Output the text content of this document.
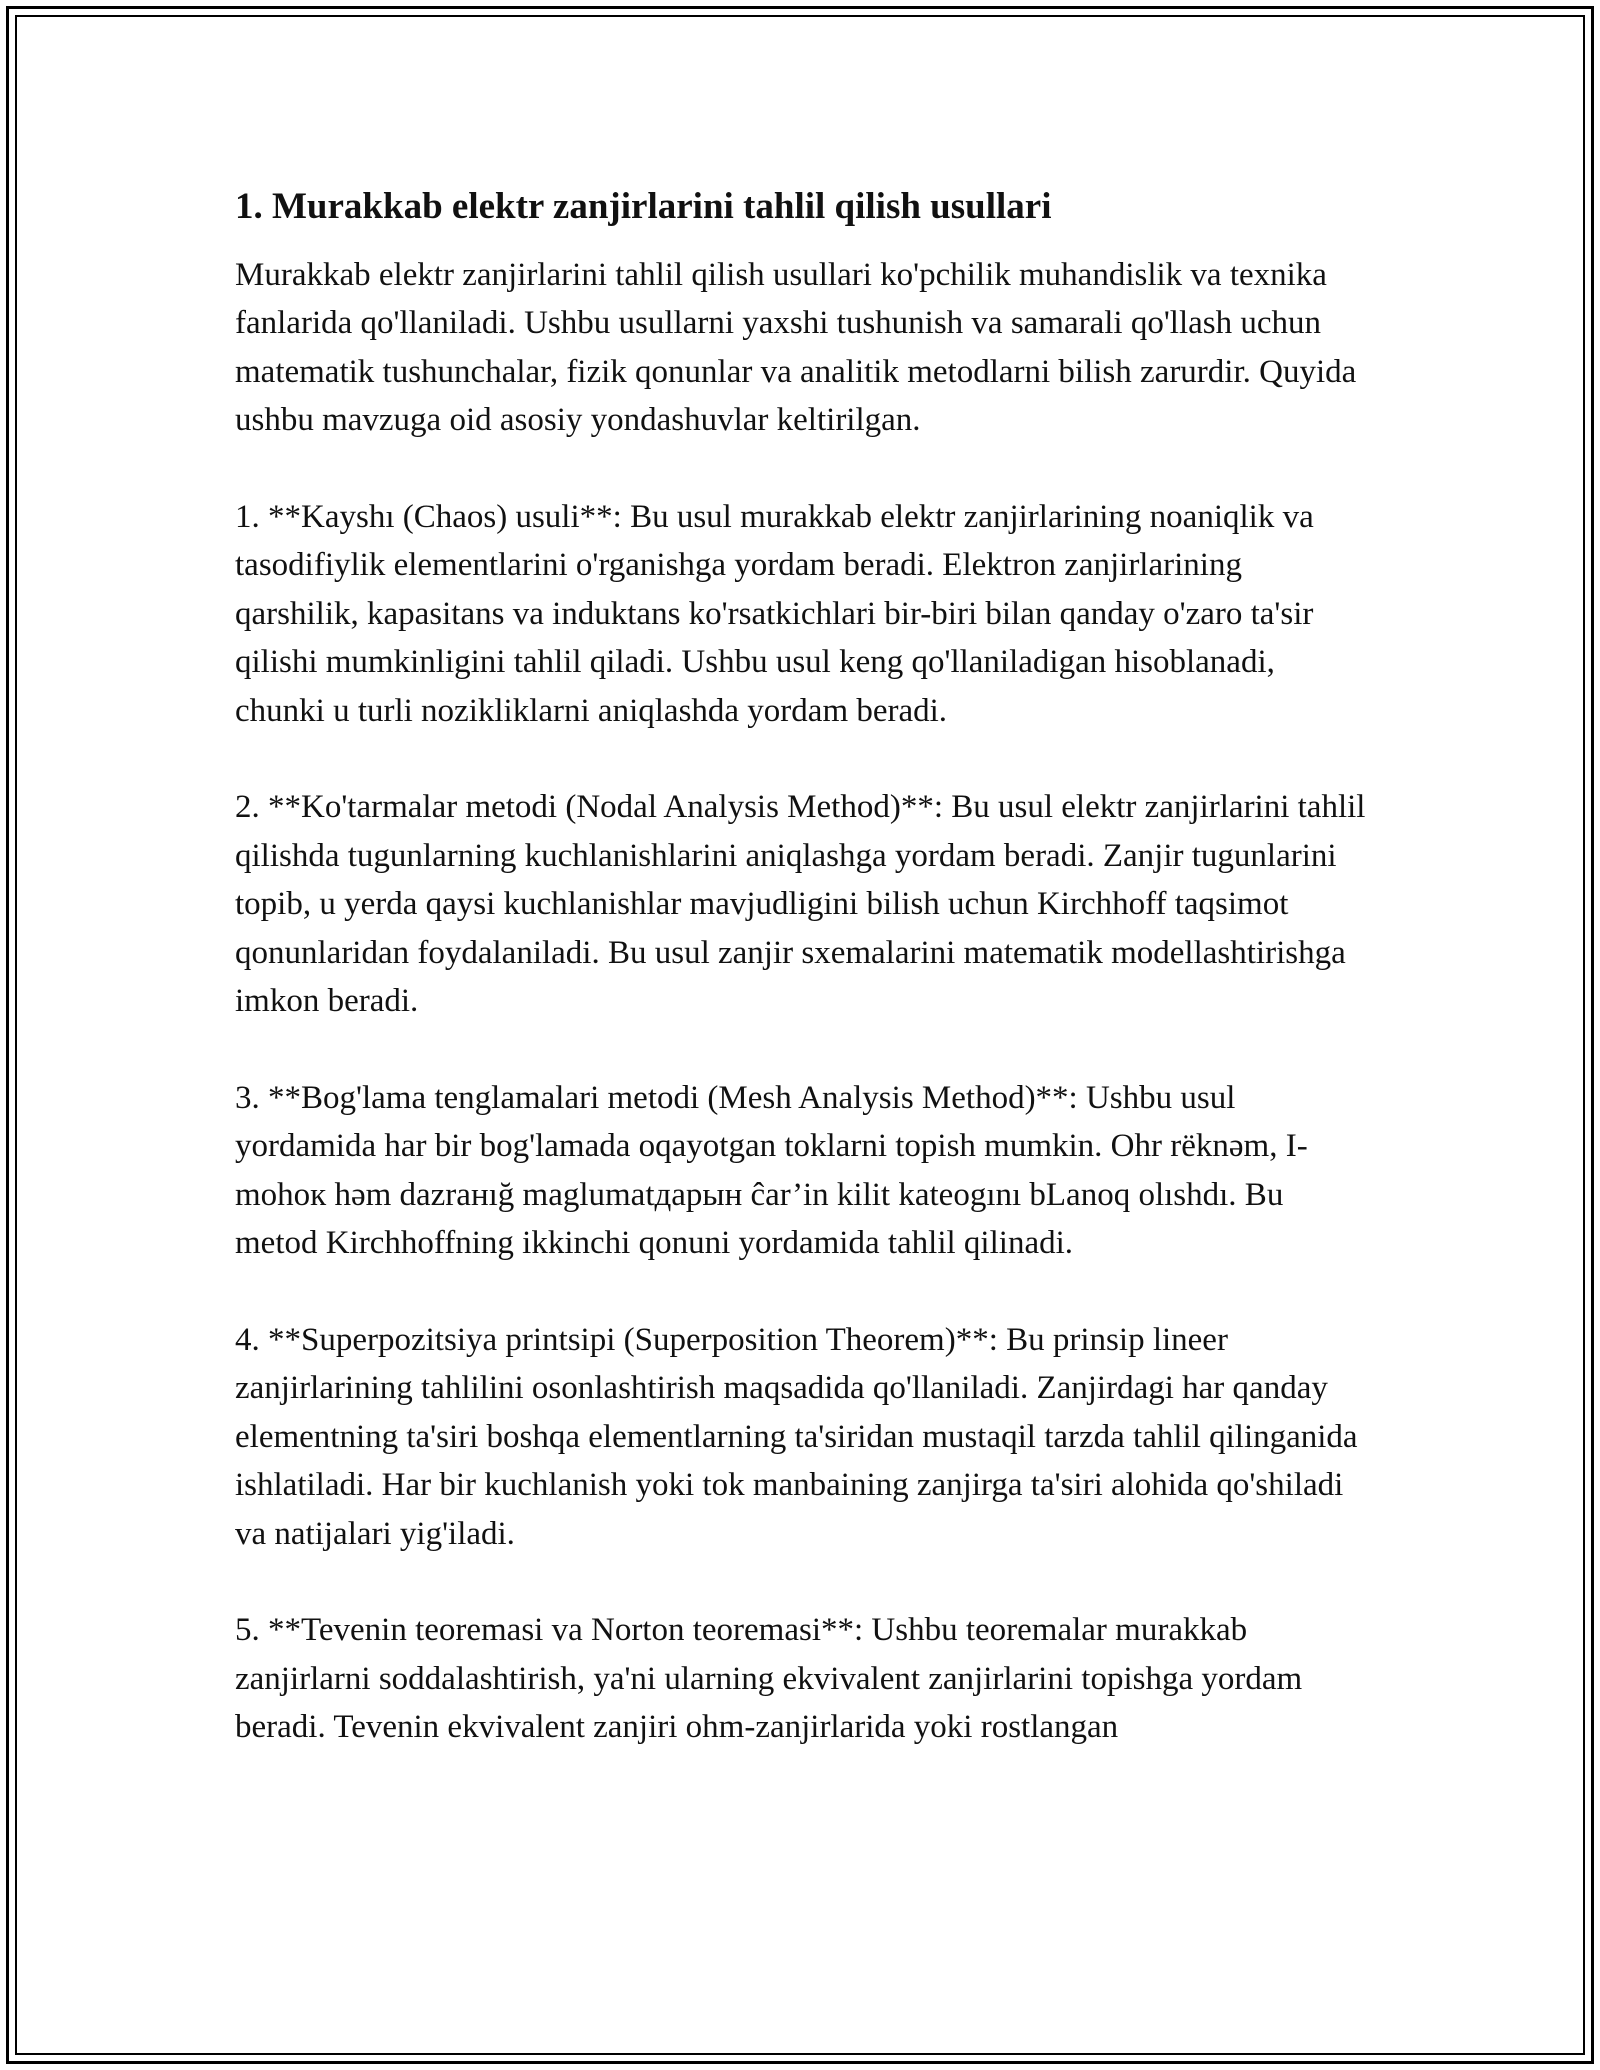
1. Murakkab elektr zanjirlarini tahlil qilish usullari

Murakkab elektr zanjirlarini tahlil qilish usullari ko'pchilik muhandislik va texnika fanlarida qo'llaniladi. Ushbu usullarni yaxshi tushunish va samarali qo'llash uchun matematik tushunchalar, fizik qonunlar va analitik metodlarni bilish zarurdir. Quyida ushbu mavzuga oid asosiy yondashuvlar keltirilgan.

1. **Kayshı (Chaos) usuli**: Bu usul murakkab elektr zanjirlarining noaniqlik va tasodifiylik elementlarini o'rganishga yordam beradi. Elektron zanjirlarining qarshilik, kapasitans va induktans ko'rsatkichlari bir-biri bilan qanday o'zaro ta'sir qilishi mumkinligini tahlil qiladi. Ushbu usul keng qo'llaniladigan hisoblanadi, chunki u turli nozikliklarni aniqlashda yordam beradi.

2. **Ko'tarmalar metodi (Nodal Analysis Method)**: Bu usul elektr zanjirlarini tahlil qilishda tugunlarning kuchlanishlarini aniqlashga yordam beradi. Zanjir tugunlarini topib, u yerda qaysi kuchlanishlar mavjudligini bilish uchun Kirchhoff taqsimot qonunlaridan foydalaniladi. Bu usul zanjir sxemalarini matematik modellashtirishga imkon beradi.

3. **Bog'lama tenglamalari metodi (Mesh Analysis Method)**: Ushbu usul yordamida har bir bog'lamada oqayotgan toklarni topish mumkin. Ohr rëknəm, I-mohoк həm dazrанığ maglumatдарын ĉar’in kilit kateogını bLanoq olıshdı. Bu metod Kirchhoffning ikkinchi qonuni yordamida tahlil qilinadi.

4. **Superpozitsiya printsipi (Superposition Theorem)**: Bu prinsip lineer zanjirlarining tahlilini osonlashtirish maqsadida qo'llaniladi. Zanjirdagi har qanday elementning ta'siri boshqa elementlarning ta'siridan mustaqil tarzda tahlil qilinganida ishlatiladi. Har bir kuchlanish yoki tok manbaining zanjirga ta'siri alohida qo'shiladi va natijalari yig'iladi.

5. **Tevenin teoremasi va Norton teoremasi**: Ushbu teoremalar murakkab zanjirlarni soddalashtirish, ya'ni ularning ekvivalent zanjirlarini topishga yordam beradi. Tevenin ekvivalent zanjiri ohm-zanjirlarida yoki rostlangan
